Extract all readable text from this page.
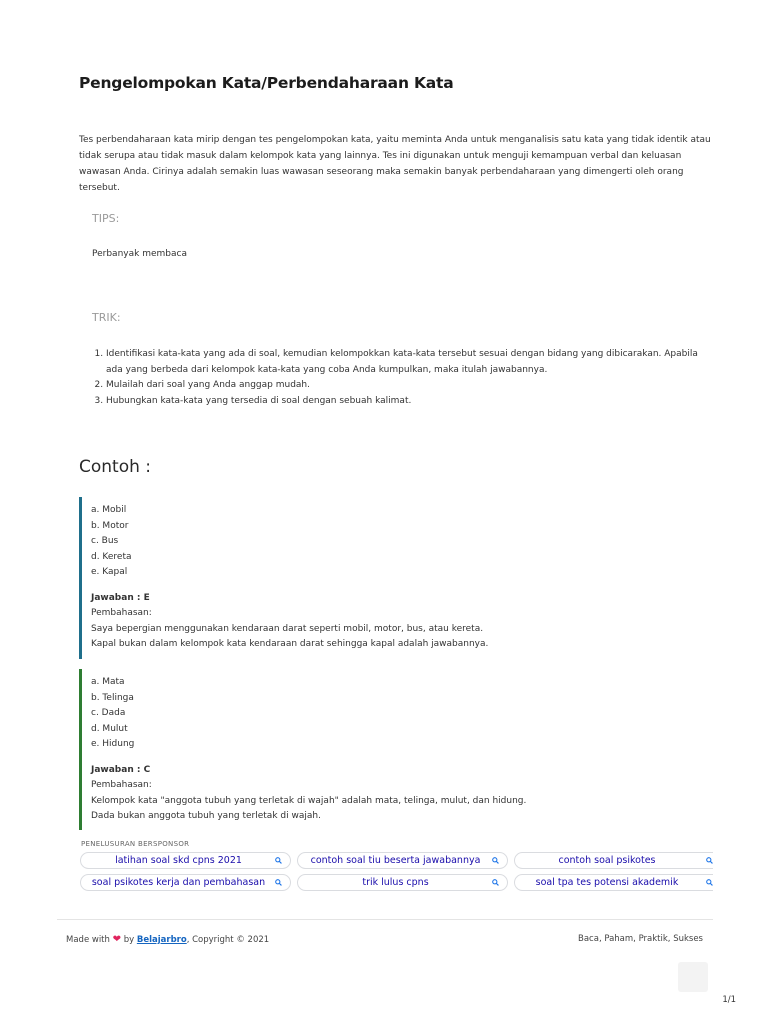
Pengelompokan Kata/Perbendaharaan Kata
Tes perbendaharaan kata mirip dengan tes pengelompokan kata, yaitu meminta Anda untuk menganalisis satu kata yang tidak identik atau tidak serupa atau tidak masuk dalam kelompok kata yang lainnya. Tes ini digunakan untuk menguji kemampuan verbal dan keluasan wawasan Anda. Cirinya adalah semakin luas wawasan seseorang maka semakin banyak perbendaharaan yang dimengerti oleh orang tersebut.
TIPS:
Perbanyak membaca
TRIK:
1. Identifikasi kata-kata yang ada di soal, kemudian kelompokkan kata-kata tersebut sesuai dengan bidang yang dibicarakan. Apabila ada yang berbeda dari kelompok kata-kata yang coba Anda kumpulkan, maka itulah jawabannya.
2. Mulailah dari soal yang Anda anggap mudah.
3. Hubungkan kata-kata yang tersedia di soal dengan sebuah kalimat.
Contoh :
a. Mobil
b. Motor
c. Bus
d. Kereta
e. Kapal
Jawaban : E
Pembahasan:
Saya bepergian menggunakan kendaraan darat seperti mobil, motor, bus, atau kereta.
Kapal bukan dalam kelompok kata kendaraan darat sehingga kapal adalah jawabannya.
a. Mata
b. Telinga
c. Dada
d. Mulut
e. Hidung
Jawaban : C
Pembahasan:
Kelompok kata "anggota tubuh yang terletak di wajah" adalah mata, telinga, mulut, dan hidung.
Dada bukan anggota tubuh yang terletak di wajah.
PENELUSURAN BERSPONSOR
latihan soal skd cpns 2021	contoh soal tiu beserta jawabannya	contoh soal psikotes
soal psikotes kerja dan pembahasan	trik lulus cpns	soal tpa tes potensi akademik
Made with ❤ by Belajarbro, Copyright © 2021	Baca, Paham, Praktik, Sukses
1/1
